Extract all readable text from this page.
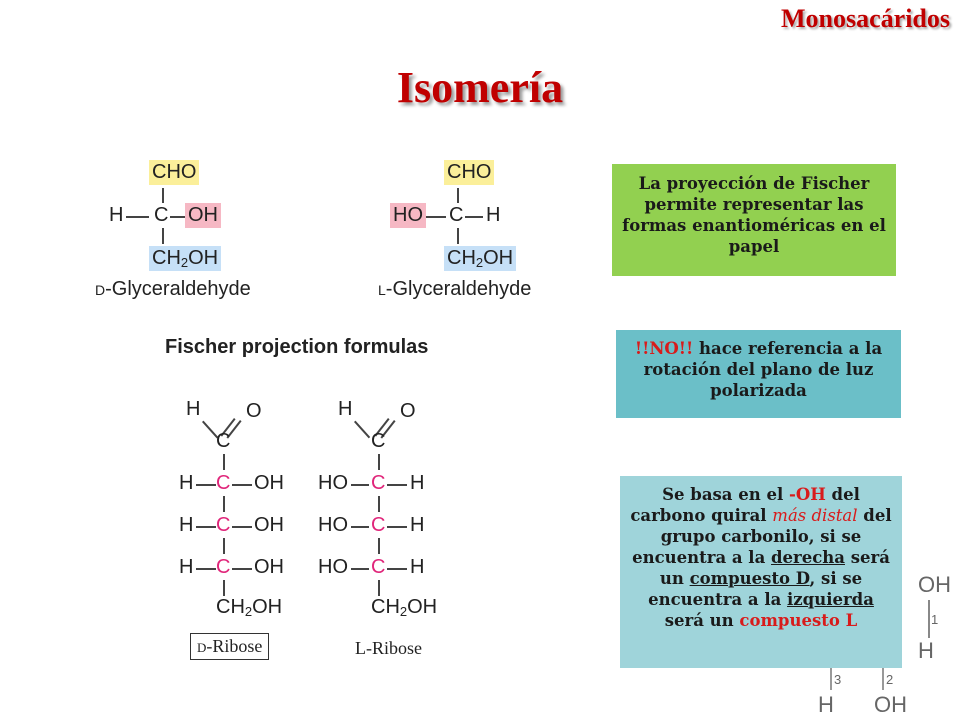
Monosacáridos
Isomería
CHO
H C OH
$CH_2OH$
D-Glyceraldehyde
CHO
HO C H
$CH_2OH$
L-Glyceraldehyde
Fischer projection formulas
H O
C
H C OH
H C OH
H C OH
$CH_2OH$
D-Ribose
H O
C
HO C H
HO C H
HO C H
$CH_2OH$
L-Ribose
OH
1
H
3	2
H OH
La proyección de Fischer permite representar las formas enantioméricas en el papel
!!NO!! hace referencia a la rotación del plano de luz polarizada
Se basa en el -OH del carbono quiral más distal del grupo carbonilo, si se encuentra a la derecha será un compuesto D, si se encuentra a la izquierda será un compuesto L
